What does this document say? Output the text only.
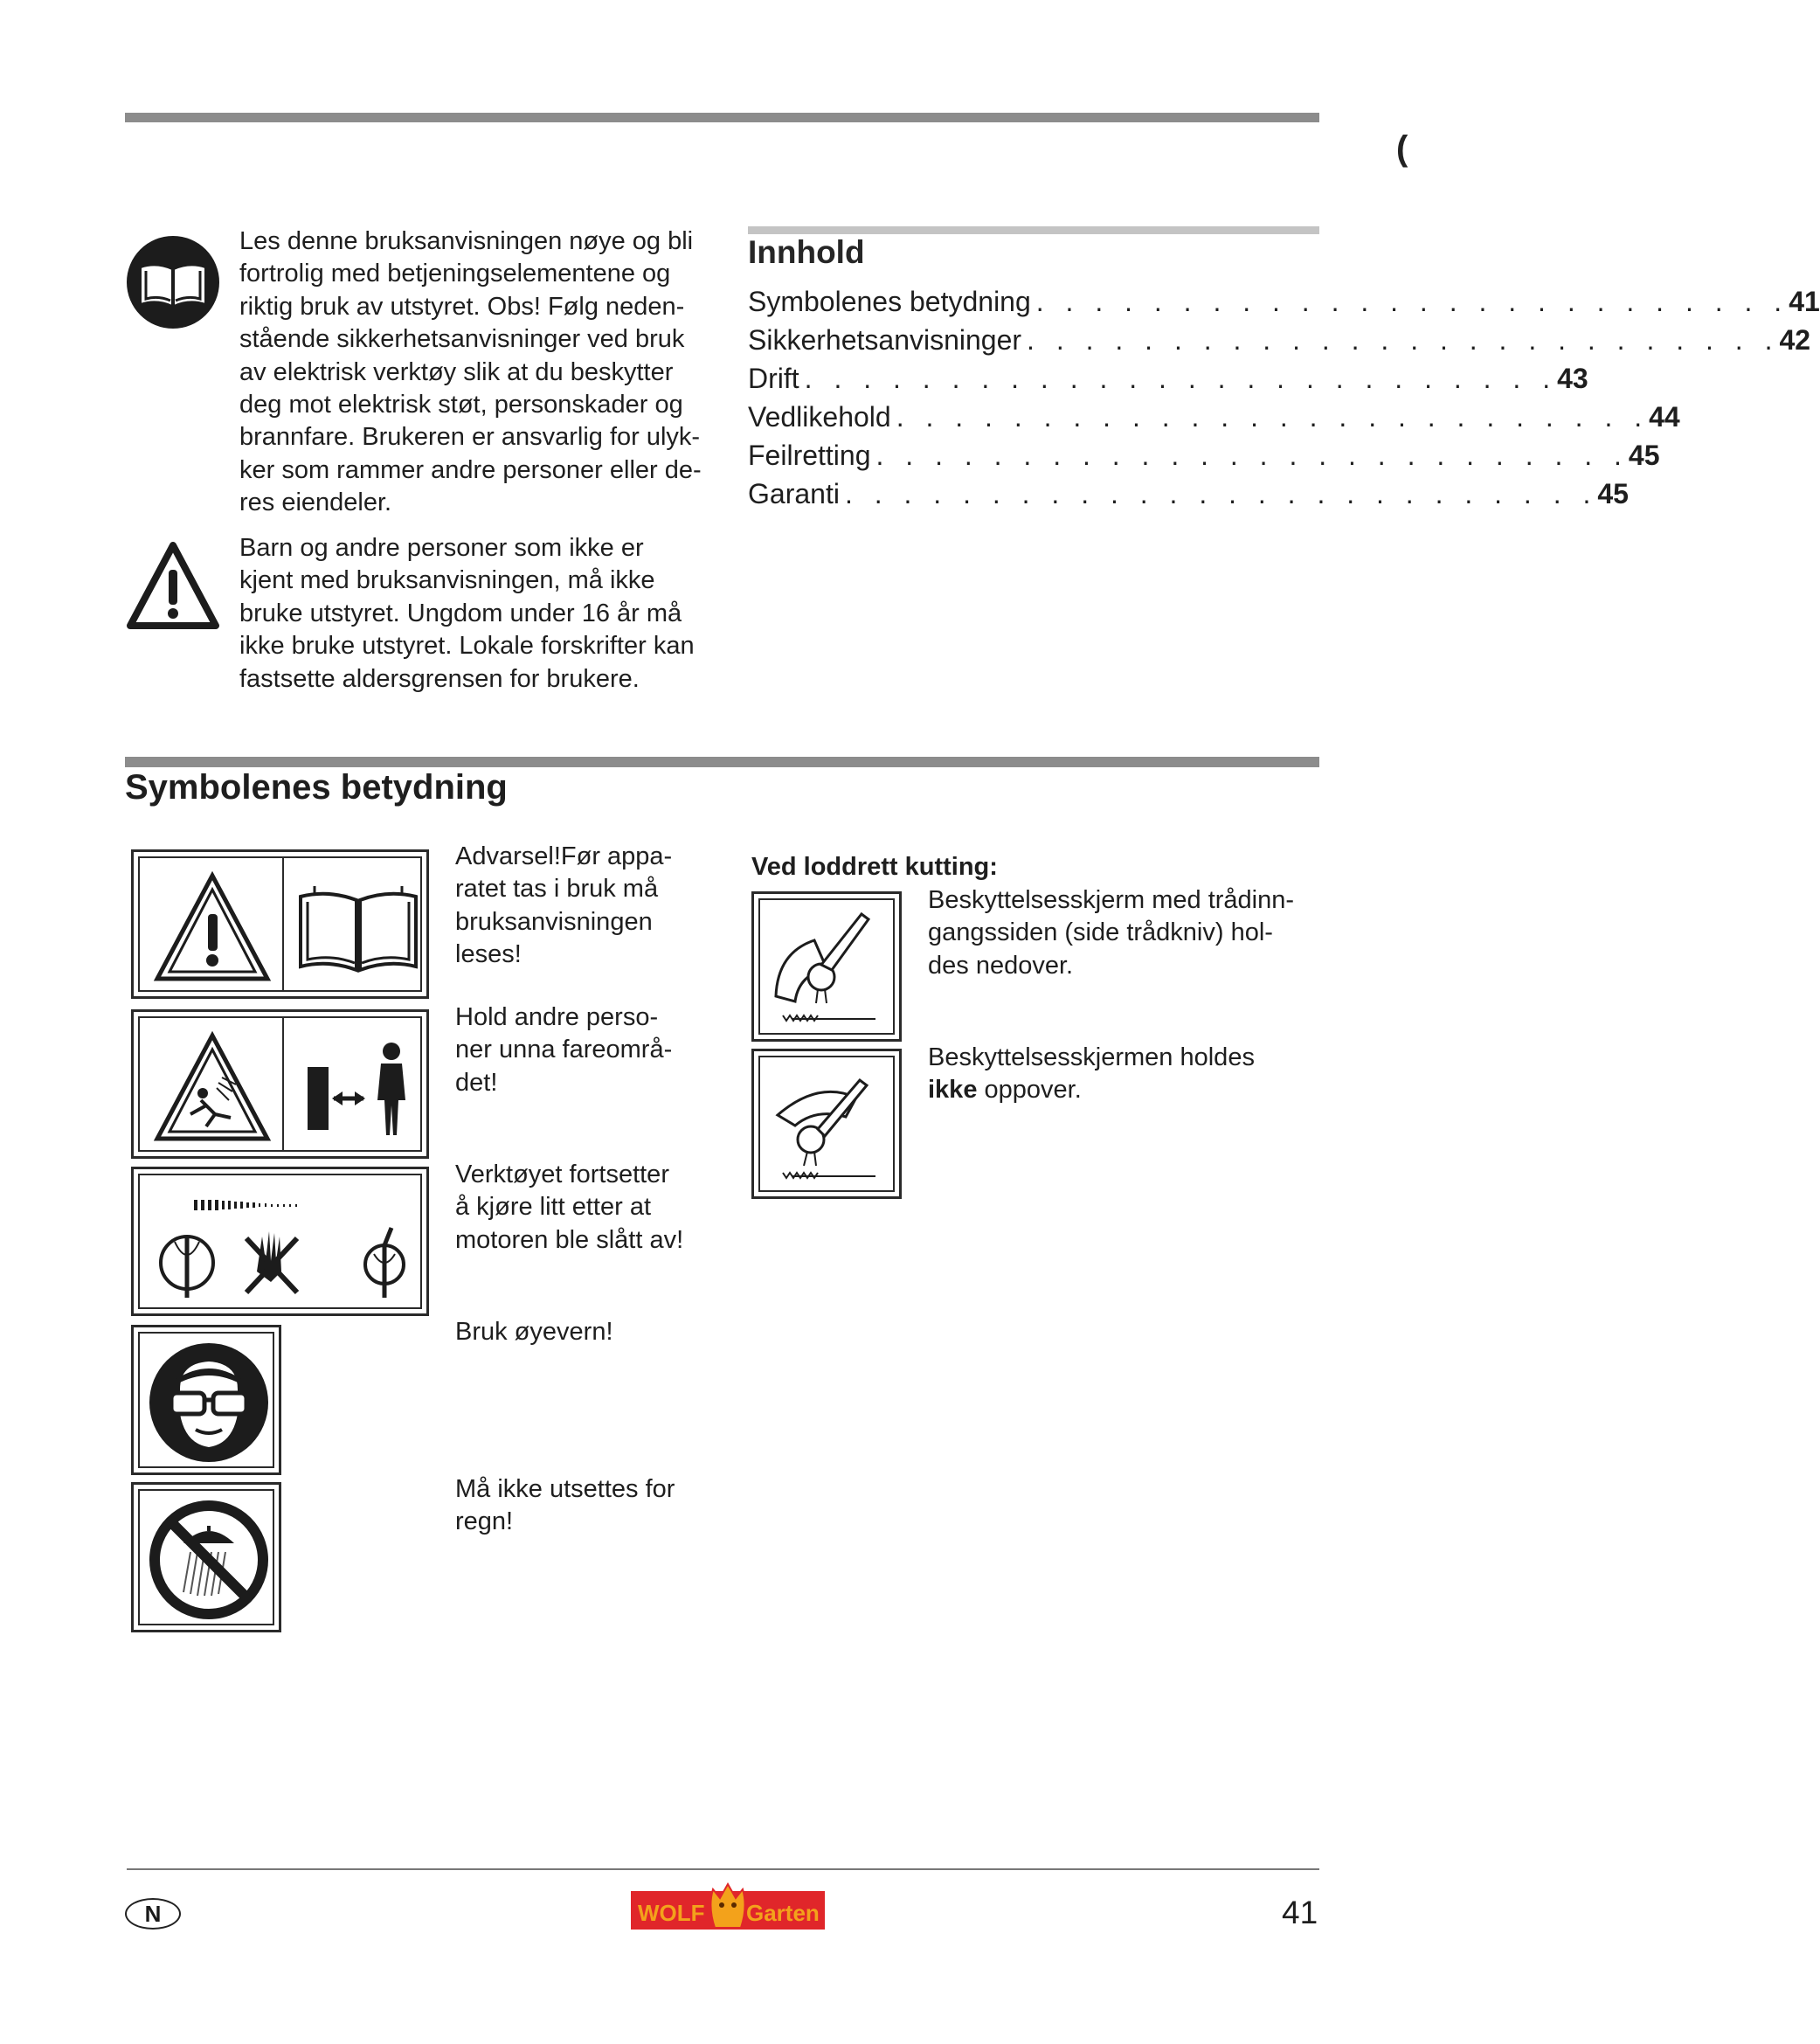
(
Les denne bruksanvisningen nøye og bli
fortrolig med betjeningselementene og
riktig bruk av utstyret. Obs! Følg neden-
stående sikkerhetsanvisninger ved bruk
av elektrisk verktøy slik at du beskytter
deg mot elektrisk støt, personskader og
brannfare. Brukeren er ansvarlig for ulyk-
ker som rammer andre personer eller de-
res eiendeler.
Barn og andre personer som ikke er
kjent med bruksanvisningen, må ikke
bruke utstyret. Ungdom under 16 år må
ikke bruke utstyret. Lokale forskrifter kan
fastsette aldersgrensen for brukere.
Innhold
Symbolenes betydning . . . . . . . . . . . . . . . . . . . . . . . . . . 41
Sikkerhetsanvisninger . . . . . . . . . . . . . . . . . . . . . . . . . . 42
Drift . . . . . . . . . . . . . . . . . . . . . . . . . . 43
Vedlikehold . . . . . . . . . . . . . . . . . . . . . . . . . . 44
Feilretting . . . . . . . . . . . . . . . . . . . . . . . . . . 45
Garanti . . . . . . . . . . . . . . . . . . . . . . . . . . 45
Symbolenes betydning
Advarsel!Før appa-
ratet tas i bruk må
bruksanvisningen
leses!
Hold andre perso-
ner unna fareområ-
det!
Verktøyet fortsetter
å kjøre litt etter at
motoren ble slått av!
Bruk øyevern!
Må ikke utsettes for
regn!
Ved loddrett kutting:
Beskyttelsesskjerm med trådinn-
gangssiden (side trådkniv) hol-
des nedover.
Beskyttelsesskjermen holdes
ikke oppover.
N	WOLF Garten	41
